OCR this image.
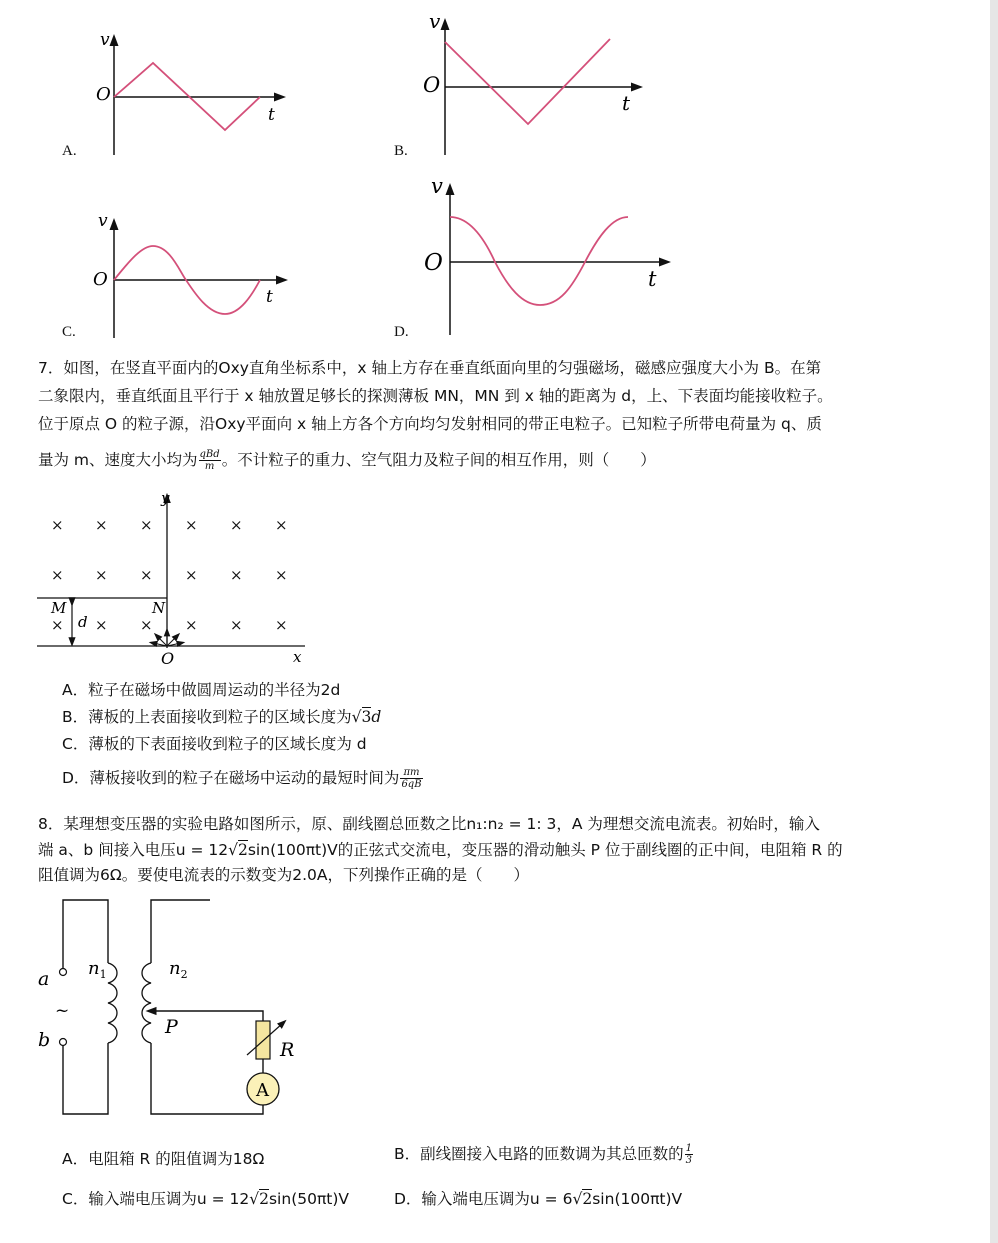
v
O
t
A.
v
O
t
B.
v
O
t
C.
v
O
t
D.
7．如图，在竖直平面内的Oxy直角坐标系中，x 轴上方存在垂直纸面向里的匀强磁场，磁感应强度大小为 B。在第
二象限内，垂直纸面且平行于 x 轴放置足够长的探测薄板 MN，MN 到 x 轴的距离为 d，上、下表面均能接收粒子。
位于原点 O 的粒子源，沿Oxy平面向 x 轴上方各个方向均匀发射相同的带正电粒子。已知粒子所带电荷量为 q、质
量为 m、速度大小均为 $\frac{\text{qBd}}{m}$ 。不计粒子的重力、空气阻力及粒子间的相互作用，则（　　）
× × × × × ×
× × × × × ×
× × × × × ×
y
x
O
M	N
d
A．粒子在磁场中做圆周运动的半径为2d
B．薄板的上表面接收到粒子的区域长度为√3d
C．薄板的下表面接收到粒子的区域长度为 d
D．薄板接收到的粒子在磁场中运动的最短时间为 $\frac{\pi m}{6qB}$
8．某理想变压器的实验电路如图所示，原、副线圈总匝数之比n₁:n₂ = 1: 3，A 为理想交流电流表。初始时，输入
端 a、b 间接入电压u = 12√2sin(100πt)V的正弦式交流电，变压器的滑动触头 P 位于副线圈的正中间，电阻箱 R 的
阻值调为6Ω。要使电流表的示数变为2.0A，下列操作正确的是（　　）
A
a
b
~
$n_1$	$n_2$
P
R
A．电阻箱 R 的阻值调为18Ω	B．副线圈接入电路的匝数调为其总匝数的 $\frac{1}{3}$
C．输入端电压调为u = 12√2sin(50πt)V	D．输入端电压调为u = 6√2sin(100πt)V
